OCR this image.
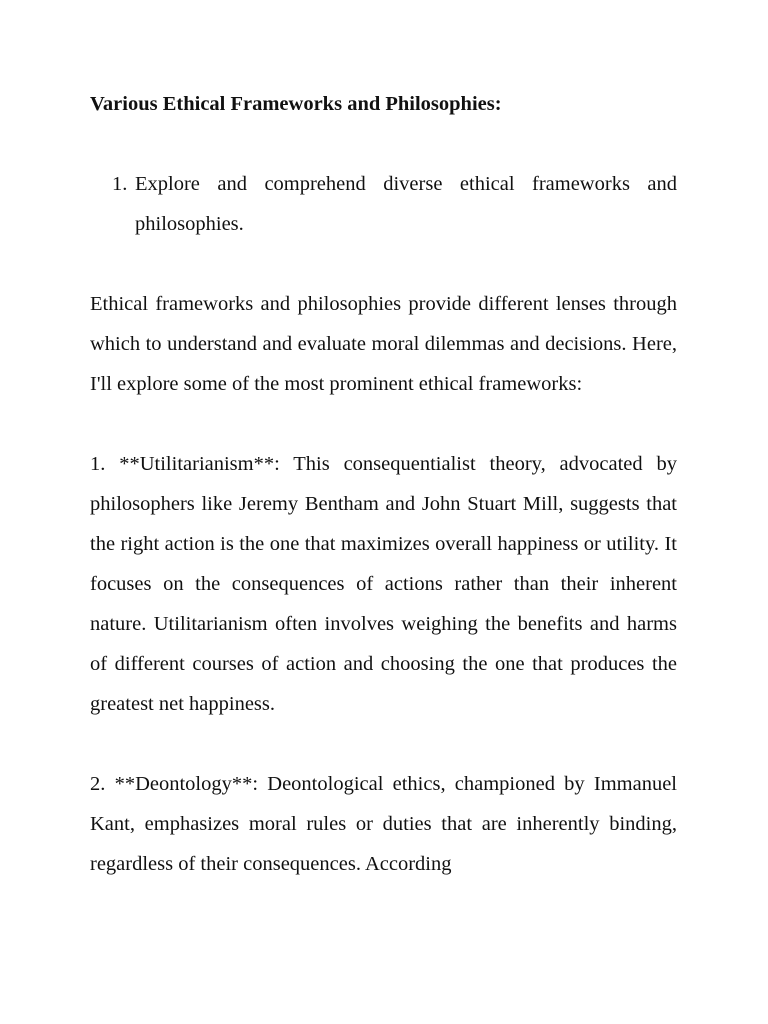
Various Ethical Frameworks and Philosophies:
1. Explore and comprehend diverse ethical frameworks and philosophies.

Ethical frameworks and philosophies provide different lenses through which to understand and evaluate moral dilemmas and decisions. Here, I'll explore some of the most prominent ethical frameworks:

1. **Utilitarianism**: This consequentialist theory, advocated by philosophers like Jeremy Bentham and John Stuart Mill, suggests that the right action is the one that maximizes overall happiness or utility. It focuses on the consequences of actions rather than their inherent nature. Utilitarianism often involves weighing the benefits and harms of different courses of action and choosing the one that produces the greatest net happiness.

2. **Deontology**: Deontological ethics, championed by Immanuel Kant, emphasizes moral rules or duties that are inherently binding, regardless of their consequences. According
